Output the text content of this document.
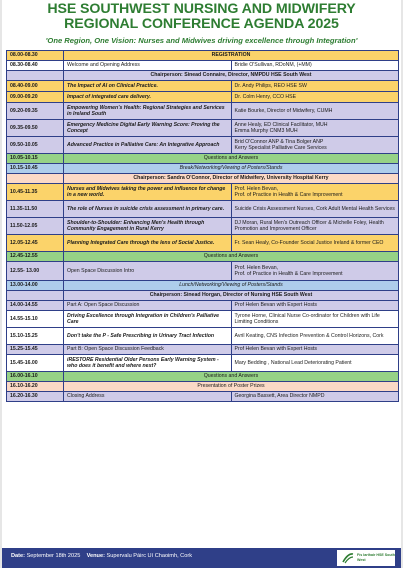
HSE SOUTHWEST NURSING AND MIDWIFERY
REGIONAL CONFERENCE AGENDA 2025
'One Region, One Vision: Nurses and Midwives driving excellence through Integration'
08.00-08.30	REGISTRATION	
08.30-08.40	Welcome and Opening Address	Bridie O'Sullivan, RDoNM, (+MM)
	Chairperson: Sinead Connaire, Director, NMPDU HSE South West	
08.40-09.00	The Impact of AI on Clinical Practice.	Dr. Andy Philips, REO HSE SW
09.00-09.20	Impact of integrated care delivery.	Dr. Colm Henry, CCO HSE
09.20-09.35	Empowering Women's Health: Regional Strategies and Services in Ireland South	Katie Bourke, Director of Midwifery, CUMH
09.35-09.50	Emergency Medicine Digital Early Warning Score: Proving the Concept	Anne Healy, ED Clinical Facilitator, MUH
Emma Murphy CNM3 MUH
09.50-10.05	Advanced Practice in Palliative Care: An Integrative Approach	Brid O'Connor ANP & Tina Bolger ANP
Kerry Specialist Palliative Care Services
10.05-10.15	Questions and Answers	
10.15-10.45	Break/Networking/Viewing of Posters/Stands	
	Chairperson: Sandra O'Connor, Director of Midwifery, University Hospital Kerry	
10.45-11.35	Nurses and Midwives taking the power and influence for change in a new world.	Prof. Helen Bevan,
Prof. of Practice in Health & Care Improvement
11.35-11.50	The role of Nurses in suicide crisis assessment in primary care.	Suicide Crisis Assessment Nurses, Cork Adult Mental Health Services
11.50-12.05	Shoulder-to-Shoulder: Enhancing Men's Health through Community Engagement in Rural Kerry	DJ Moran, Rural Men's Outreach Officer & Michelle Foley, Health Promotion and Improvement Officer
12.05-12.45	Planning Integrated Care through the lens of Social Justice.	Fr. Sean Healy, Co-Founder Social Justice Ireland & former CEO
12.45-12.55	Questions and Answers	
12.55- 13.00	Open Space Discussion Intro	Prof. Helen Bevan,
Prof. of Practice in Health & Care Improvement
13.00-14.00	Lunch/Networking/Viewing of Posters/Stands	
	Chairperson: Sinead Horgan, Director of Nursing HSE South West	
14.00-14.55	Part A: Open Space Discussion	Prof Helen Bevan with Expert Hosts
14.55-15.10	Driving Excellence through Integration in Children's Palliative Care	Tyrone Horne, Clinical Nurse Co-ordinator for Children with Life Limiting Conditions
15.10-15.25	Don't take the P - Safe Prescribing in Urinary Tract Infection	Avril Keating, CNS Infection Prevention & Control Horizons, Cork
15.25-15.45	Part B: Open Space Discussion Feedback	Prof Helen Bevan with Expert Hosts
15.45-16.00	iRESTORE Residential Older Persons Early Warning System - who does it benefit and where next?	Mary Bedding , National Lead Deteriorating Patient
16.00-16.10	Questions and Answers	
16.10-16.20	Presentation of Poster Prizes	
16.20-16.30	Closing Address	Georgina Bassett, Area Director NMPD
Date: September 18th 2025 Venue: Supervalu Páirc Uí Chaoimh, Cork	Fís Iarthair HSE South West
